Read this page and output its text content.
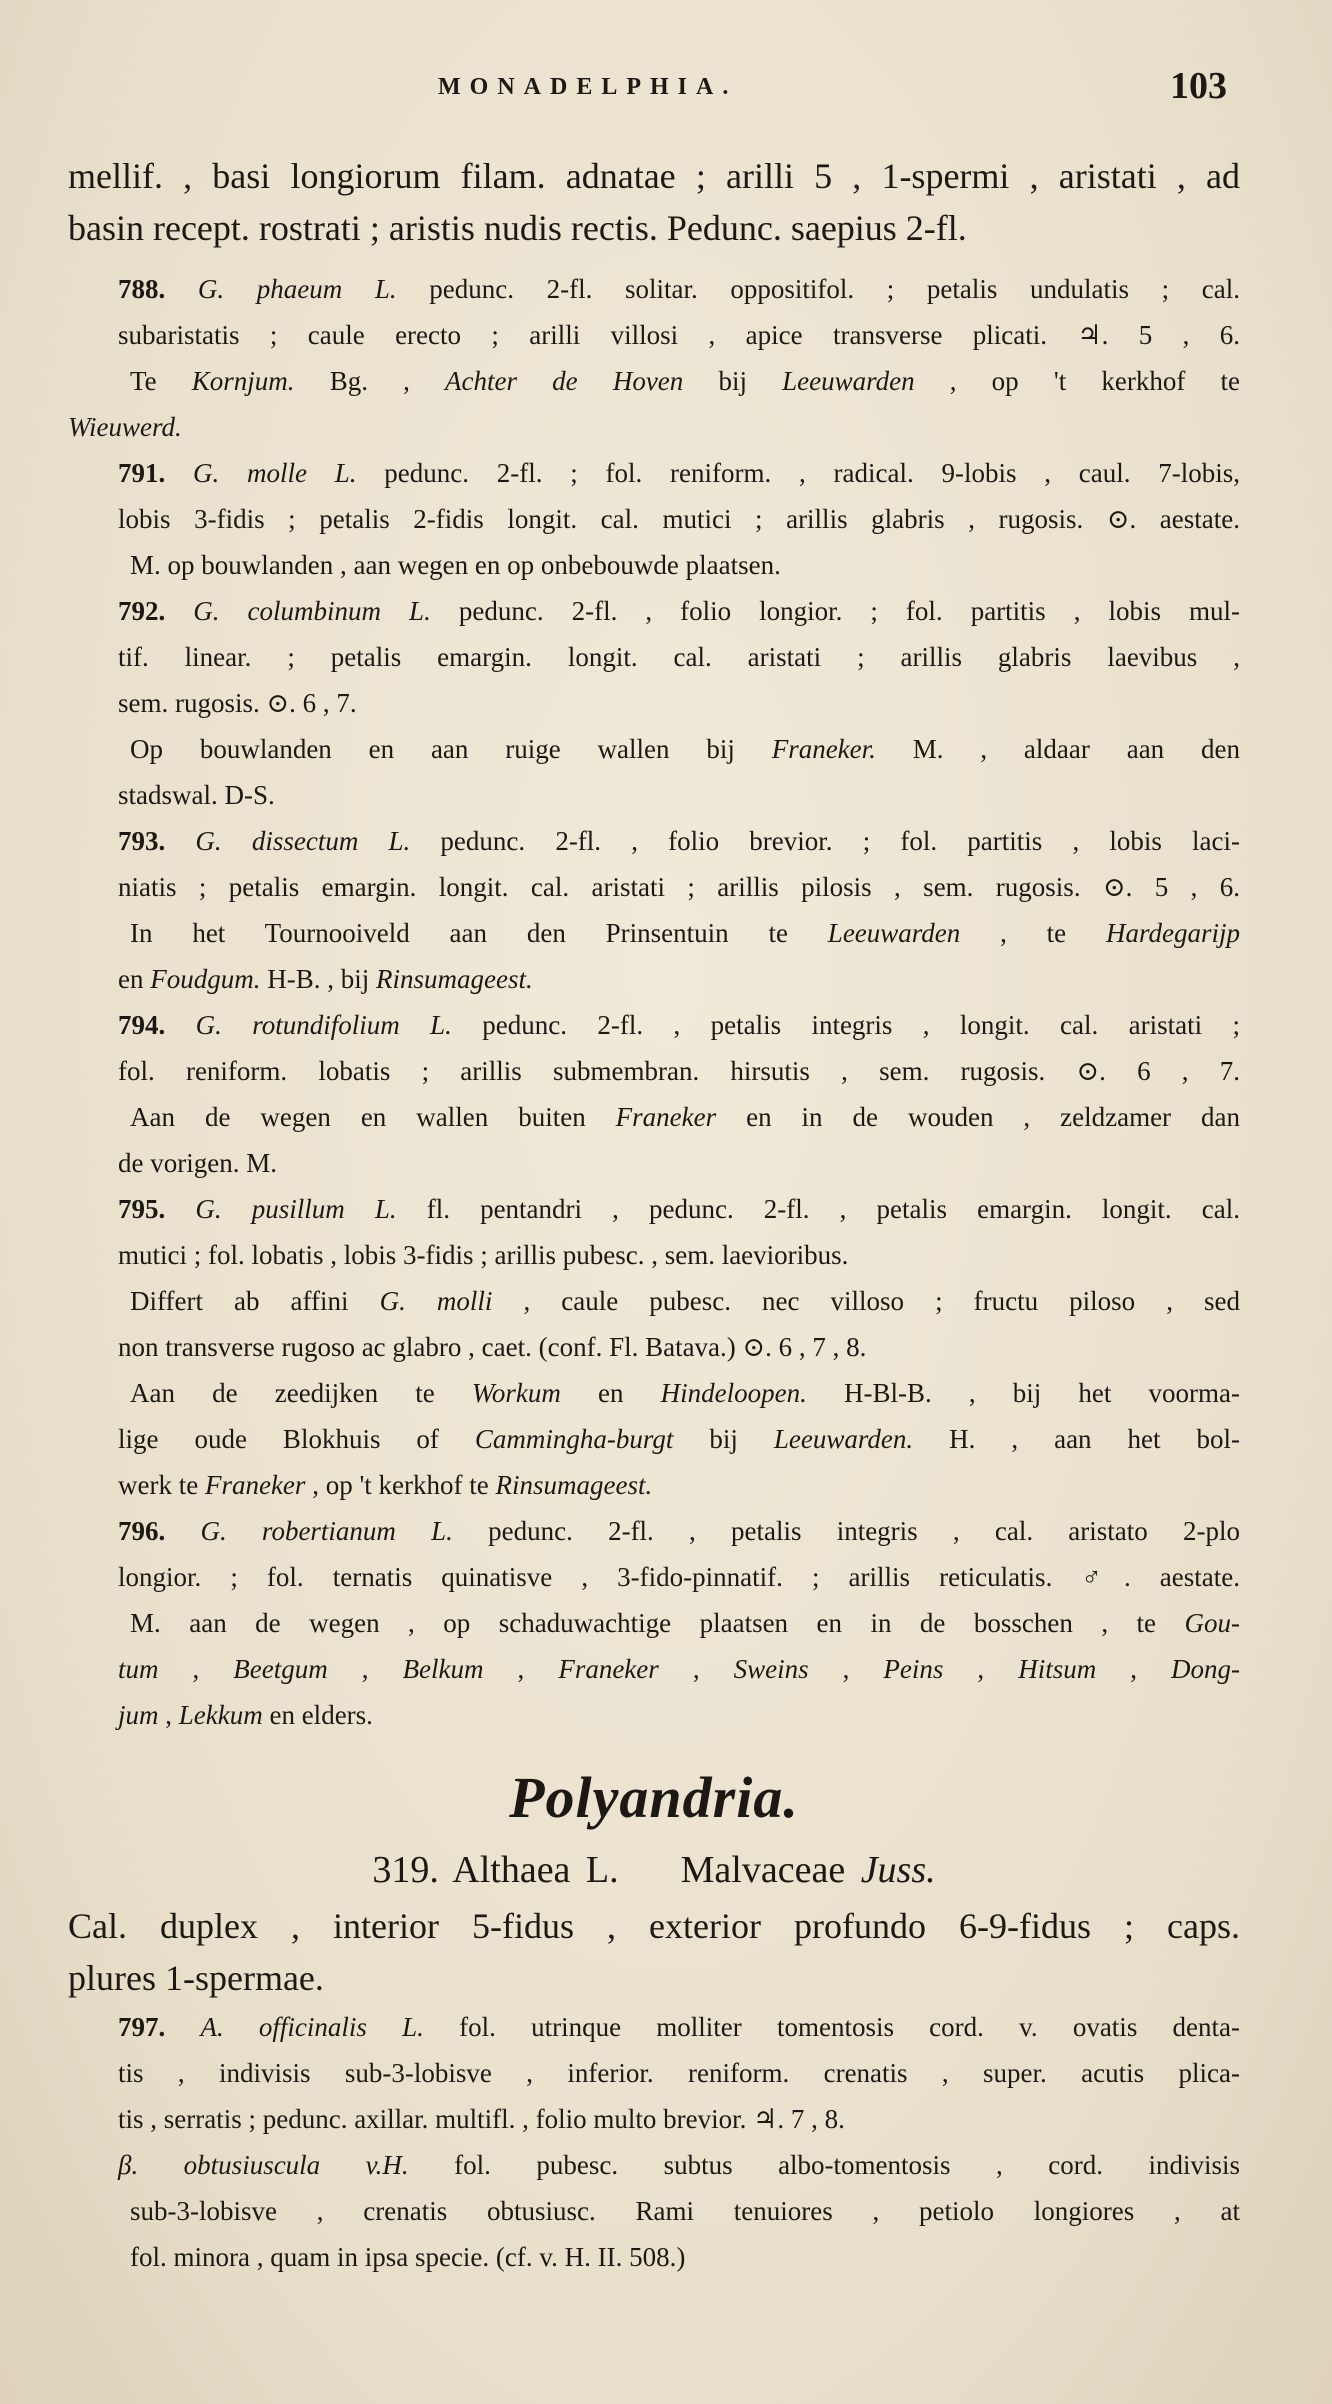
MONADELPHIA.	103
mellif. , basi longiorum filam. adnatae ; arilli 5 , 1-spermi , aristati , ad
basin recept. rostrati ; aristis nudis rectis. Pedunc. saepius 2-fl.
788. G. phaeum L. pedunc. 2-fl. solitar. oppositifol. ; petalis undulatis ; cal.
subaristatis ; caule erecto ; arilli villosi , apice transverse plicati. ♃. 5 , 6.
Te Kornjum. Bg. , Achter de Hoven bij Leeuwarden , op 't kerkhof te
Wieuwerd.
791. G. molle L. pedunc. 2-fl. ; fol. reniform. , radical. 9-lobis , caul. 7-lobis,
lobis 3-fidis ; petalis 2-fidis longit. cal. mutici ; arillis glabris , rugosis. ⊙. aestate.
M. op bouwlanden , aan wegen en op onbebouwde plaatsen.
792. G. columbinum L. pedunc. 2-fl. , folio longior. ; fol. partitis , lobis mul-
tif. linear. ; petalis emargin. longit. cal. aristati ; arillis glabris laevibus ,
sem. rugosis. ⊙. 6 , 7.
Op bouwlanden en aan ruige wallen bij Franeker. M. , aldaar aan den
stadswal. D-S.
793. G. dissectum L. pedunc. 2-fl. , folio brevior. ; fol. partitis , lobis laci-
niatis ; petalis emargin. longit. cal. aristati ; arillis pilosis , sem. rugosis. ⊙. 5 , 6.
In het Tournooiveld aan den Prinsentuin te Leeuwarden , te Hardegarijp
en Foudgum. H-B. , bij Rinsumageest.
794. G. rotundifolium L. pedunc. 2-fl. , petalis integris , longit. cal. aristati ;
fol. reniform. lobatis ; arillis submembran. hirsutis , sem. rugosis. ⊙. 6 , 7.
Aan de wegen en wallen buiten Franeker en in de wouden , zeldzamer dan
de vorigen. M.
795. G. pusillum L. fl. pentandri , pedunc. 2-fl. , petalis emargin. longit. cal.
mutici ; fol. lobatis , lobis 3-fidis ; arillis pubesc. , sem. laevioribus.
Differt ab affini G. molli , caule pubesc. nec villoso ; fructu piloso , sed
non transverse rugoso ac glabro , caet. (conf. Fl. Batava.) ⊙. 6 , 7 , 8.
Aan de zeedijken te Workum en Hindeloopen. H-Bl-B. , bij het voorma-
lige oude Blokhuis of Cammingha-burgt bij Leeuwarden. H. , aan het bol-
werk te Franeker , op 't kerkhof te Rinsumageest.
796. G. robertianum L. pedunc. 2-fl. , petalis integris , cal. aristato 2-plo
longior. ; fol. ternatis quinatisve , 3-fido-pinnatif. ; arillis reticulatis. ♂. aestate.
M. aan de wegen , op schaduwachtige plaatsen en in de bosschen , te Gou-
tum , Beetgum , Belkum , Franeker , Sweins , Peins , Hitsum , Dong-
jum , Lekkum en elders.
Polyandria.
319. Althaea L. Malvaceae Juss.
Cal. duplex , interior 5-fidus , exterior profundo 6-9-fidus ; caps.
plures 1-spermae.
797. A. officinalis L. fol. utrinque molliter tomentosis cord. v. ovatis denta-
tis , indivisis sub-3-lobisve , inferior. reniform. crenatis , super. acutis plica-
tis , serratis ; pedunc. axillar. multifl. , folio multo brevior. ♃. 7 , 8.
β. obtusiuscula v.H. fol. pubesc. subtus albo-tomentosis , cord. indivisis
sub-3-lobisve , crenatis obtusiusc. Rami tenuiores , petiolo longiores , at
fol. minora , quam in ipsa specie. (cf. v. H. II. 508.)
